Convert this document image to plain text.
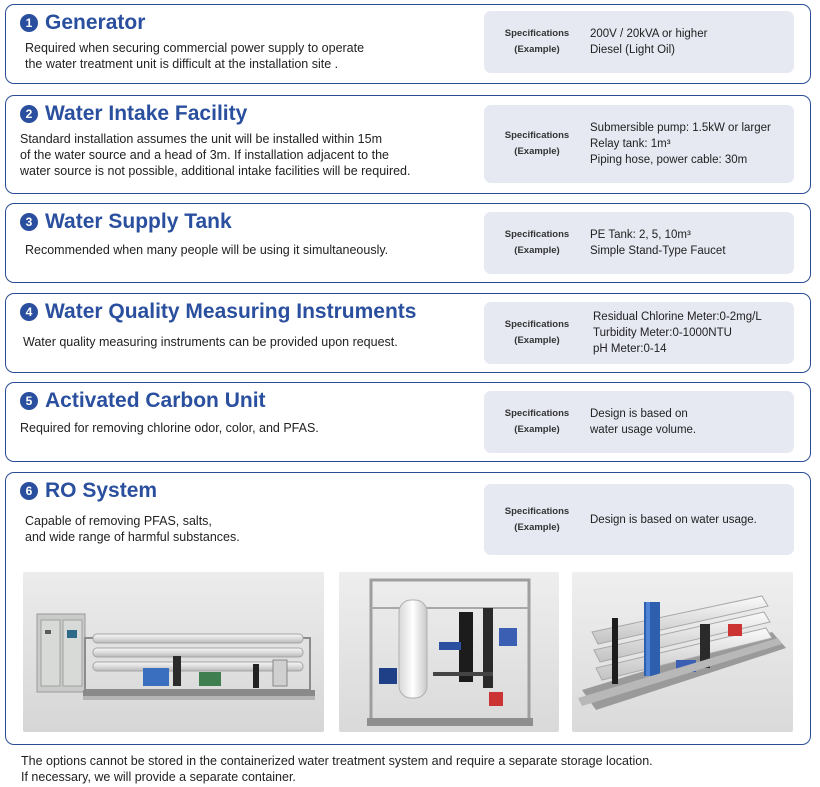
1 Generator
Required when securing commercial power supply to operate
the water treatment unit is difficult at the installation site .
Specifications
(Example)
200V / 20kVA or higher
Diesel (Light Oil)
2 Water Intake Facility
Standard installation assumes the unit will be installed within 15m
of the water source and a head of 3m. If installation adjacent to the
water source is not possible, additional intake facilities will be required.
Specifications
(Example)
Submersible pump: 1.5kW or larger
Relay tank: 1m³
Piping hose, power cable: 30m
3 Water Supply Tank
Recommended when many people will be using it simultaneously.
Specifications
(Example)
PE Tank: 2, 5, 10m³
Simple Stand-Type Faucet
4 Water Quality Measuring Instruments
Water quality measuring instruments can be provided upon request.
Specifications
(Example)
Residual Chlorine Meter:0-2mg/L
Turbidity Meter:0-1000NTU
pH Meter:0-14
5 Activated Carbon Unit
Required for removing chlorine odor, color, and PFAS.
Specifications
(Example)
Design is based on
water usage volume.
6 RO System
Capable of removing PFAS, salts,
and wide range of harmful substances.
Specifications
(Example)
Design is based on water usage.
The options cannot be stored in the containerized water treatment system and require a separate storage location.
If necessary, we will provide a separate container.
